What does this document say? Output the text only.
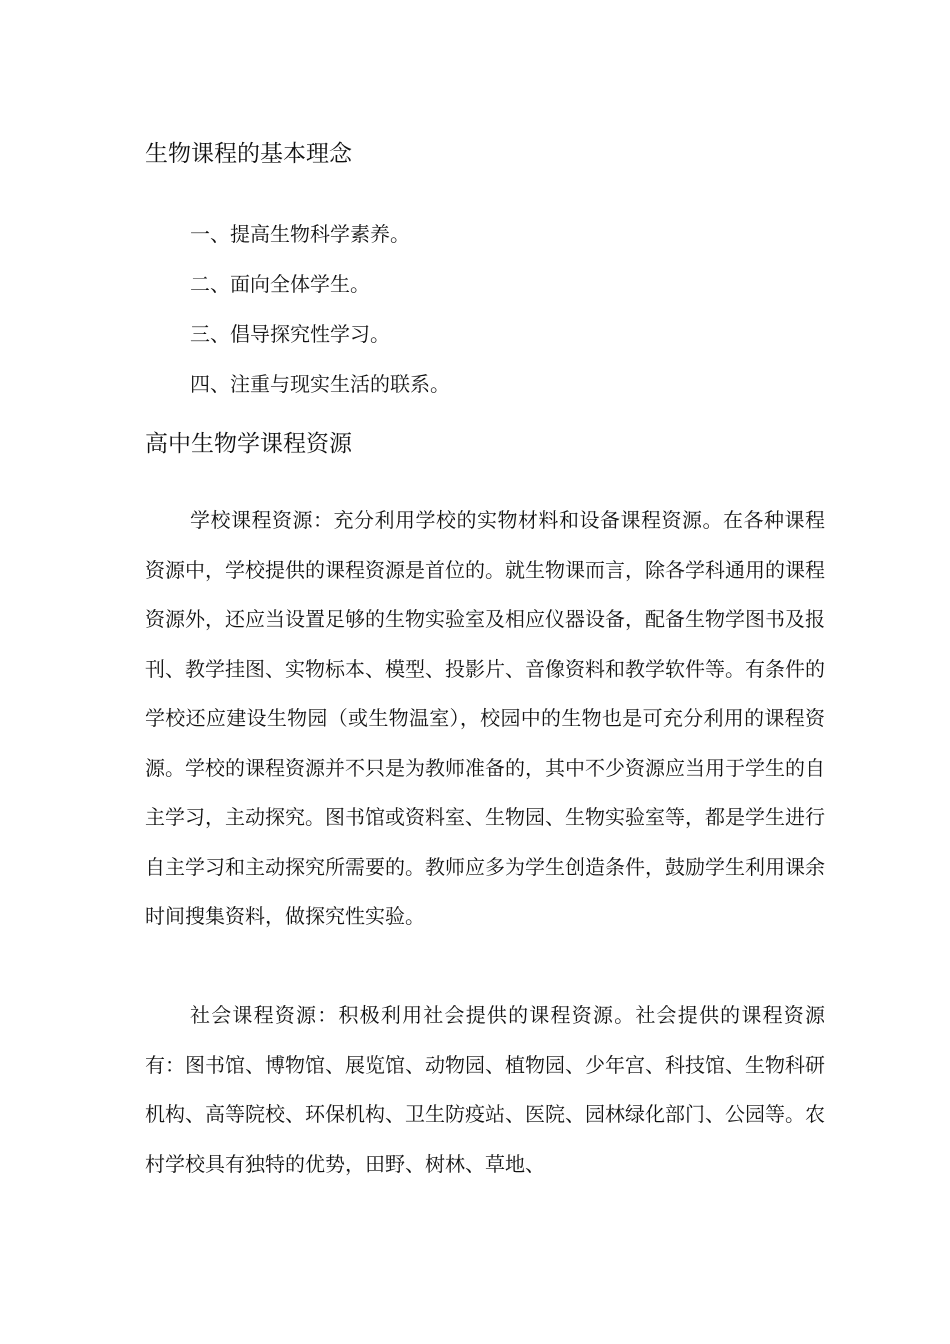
生物课程的基本理念
一、提高生物科学素养。
二、面向全体学生。
三、倡导探究性学习。
四、注重与现实生活的联系。
高中生物学课程资源

学校课程资源：充分利用学校的实物材料和设备课程资源。在各种课程资源中，学校提供的课程资源是首位的。就生物课而言，除各学科通用的课程资源外，还应当设置足够的生物实验室及相应仪器设备，配备生物学图书及报刊、教学挂图、实物标本、模型、投影片、音像资料和教学软件等。有条件的学校还应建设生物园（或生物温室），校园中的生物也是可充分利用的课程资源。学校的课程资源并不只是为教师准备的，其中不少资源应当用于学生的自主学习，主动探究。图书馆或资料室、生物园、生物实验室等，都是学生进行自主学习和主动探究所需要的。教师应多为学生创造条件，鼓励学生利用课余时间搜集资料，做探究性实验。

社会课程资源：积极利用社会提供的课程资源。社会提供的课程资源有：图书馆、博物馆、展览馆、动物园、植物园、少年宫、科技馆、生物科研机构、高等院校、环保机构、卫生防疫站、医院、园林绿化部门、公园等。农村学校具有独特的优势，田野、树林、草地、
